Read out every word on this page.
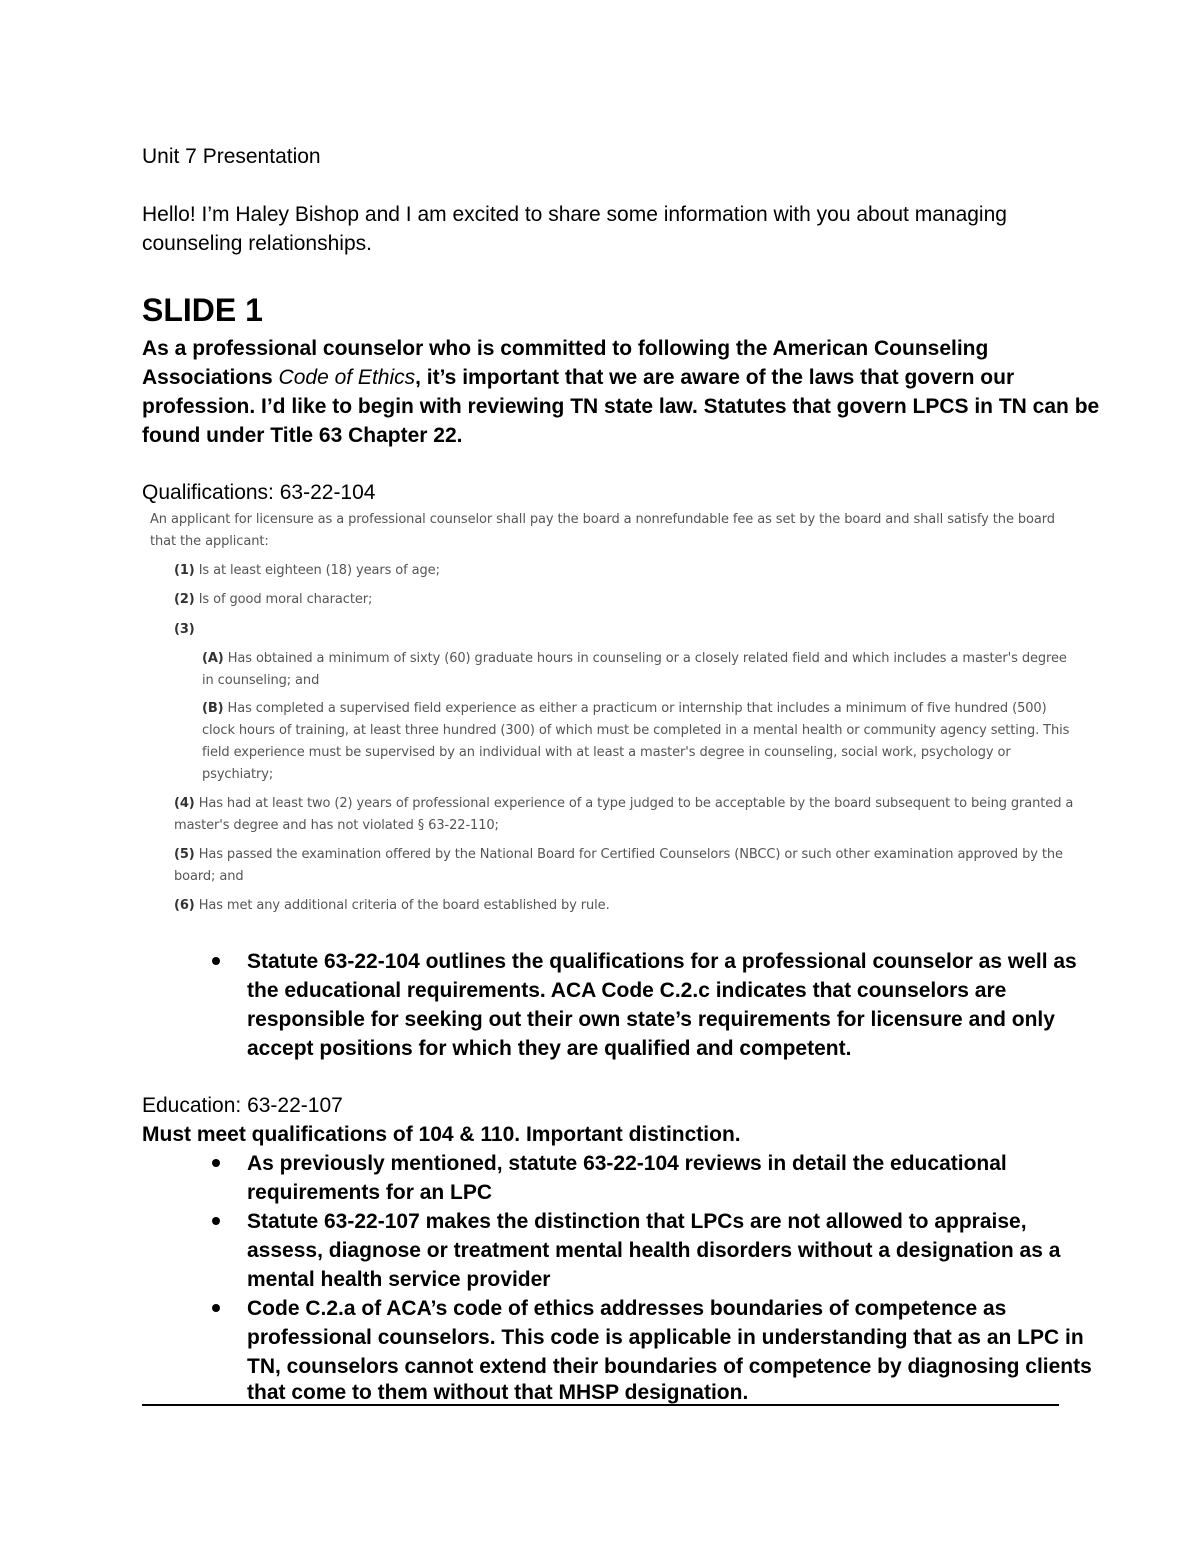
Unit 7 Presentation

Hello! I’m Haley Bishop and I am excited to share some information with you about managing

counseling relationships.

SLIDE 1

As a professional counselor who is committed to following the American Counseling

Associations Code of Ethics, it’s important that we are aware of the laws that govern our

profession. I’d like to begin with reviewing TN state law. Statutes that govern LPCS in TN can be

found under Title 63 Chapter 22.

Qualifications: 63-22-104

An applicant for licensure as a professional counselor shall pay the board a nonrefundable fee as set by the board and shall satisfy the board
that the applicant:
(1) Is at least eighteen (18) years of age;
(2) Is of good moral character;
(3)
(A) Has obtained a minimum of sixty (60) graduate hours in counseling or a closely related field and which includes a master's degree
in counseling; and
(B) Has completed a supervised field experience as either a practicum or internship that includes a minimum of five hundred (500)
clock hours of training, at least three hundred (300) of which must be completed in a mental health or community agency setting. This
field experience must be supervised by an individual with at least a master's degree in counseling, social work, psychology or
psychiatry;
(4) Has had at least two (2) years of professional experience of a type judged to be acceptable by the board subsequent to being granted a
master's degree and has not violated § 63-22-110;
(5) Has passed the examination offered by the National Board for Certified Counselors (NBCC) or such other examination approved by the
board; and
(6) Has met any additional criteria of the board established by rule.

Statute 63-22-104 outlines the qualifications for a professional counselor as well as

the educational requirements. ACA Code C.2.c indicates that counselors are

responsible for seeking out their own state’s requirements for licensure and only

accept positions for which they are qualified and competent.

Education: 63-22-107

Must meet qualifications of 104 & 110. Important distinction.

As previously mentioned, statute 63-22-104 reviews in detail the educational

requirements for an LPC

Statute 63-22-107 makes the distinction that LPCs are not allowed to appraise,

assess, diagnose or treatment mental health disorders without a designation as a

mental health service provider

Code C.2.a of ACA’s code of ethics addresses boundaries of competence as

professional counselors. This code is applicable in understanding that as an LPC in

TN, counselors cannot extend their boundaries of competence by diagnosing clients

that come to them without that MHSP designation.
